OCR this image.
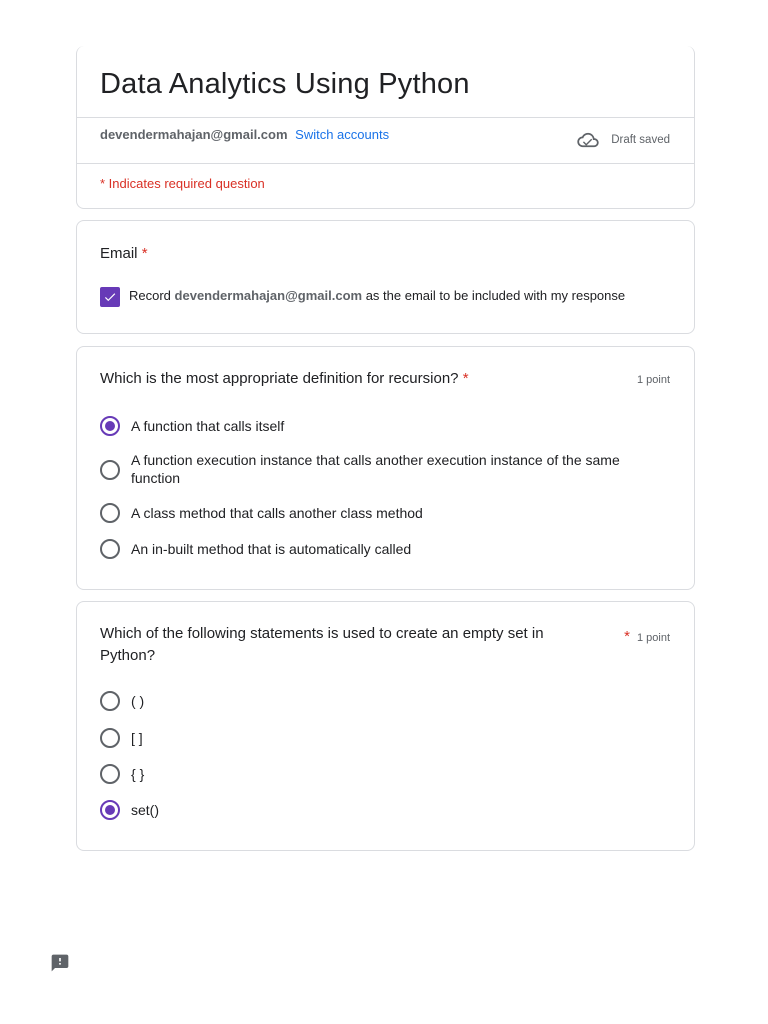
Data Analytics Using Python
devendermahajan@gmail.com Switch accounts	Draft saved
* Indicates required question
Email *
Record devendermahajan@gmail.com as the email to be included with my response
Which is the most appropriate definition for recursion? *	1 point
A function that calls itself
A function execution instance that calls another execution instance of the same function
A class method that calls another class method
An in-built method that is automatically called
Which of the following statements is used to create an empty set in Python?
* 1 point
( )
[ ]
{ }
set()
